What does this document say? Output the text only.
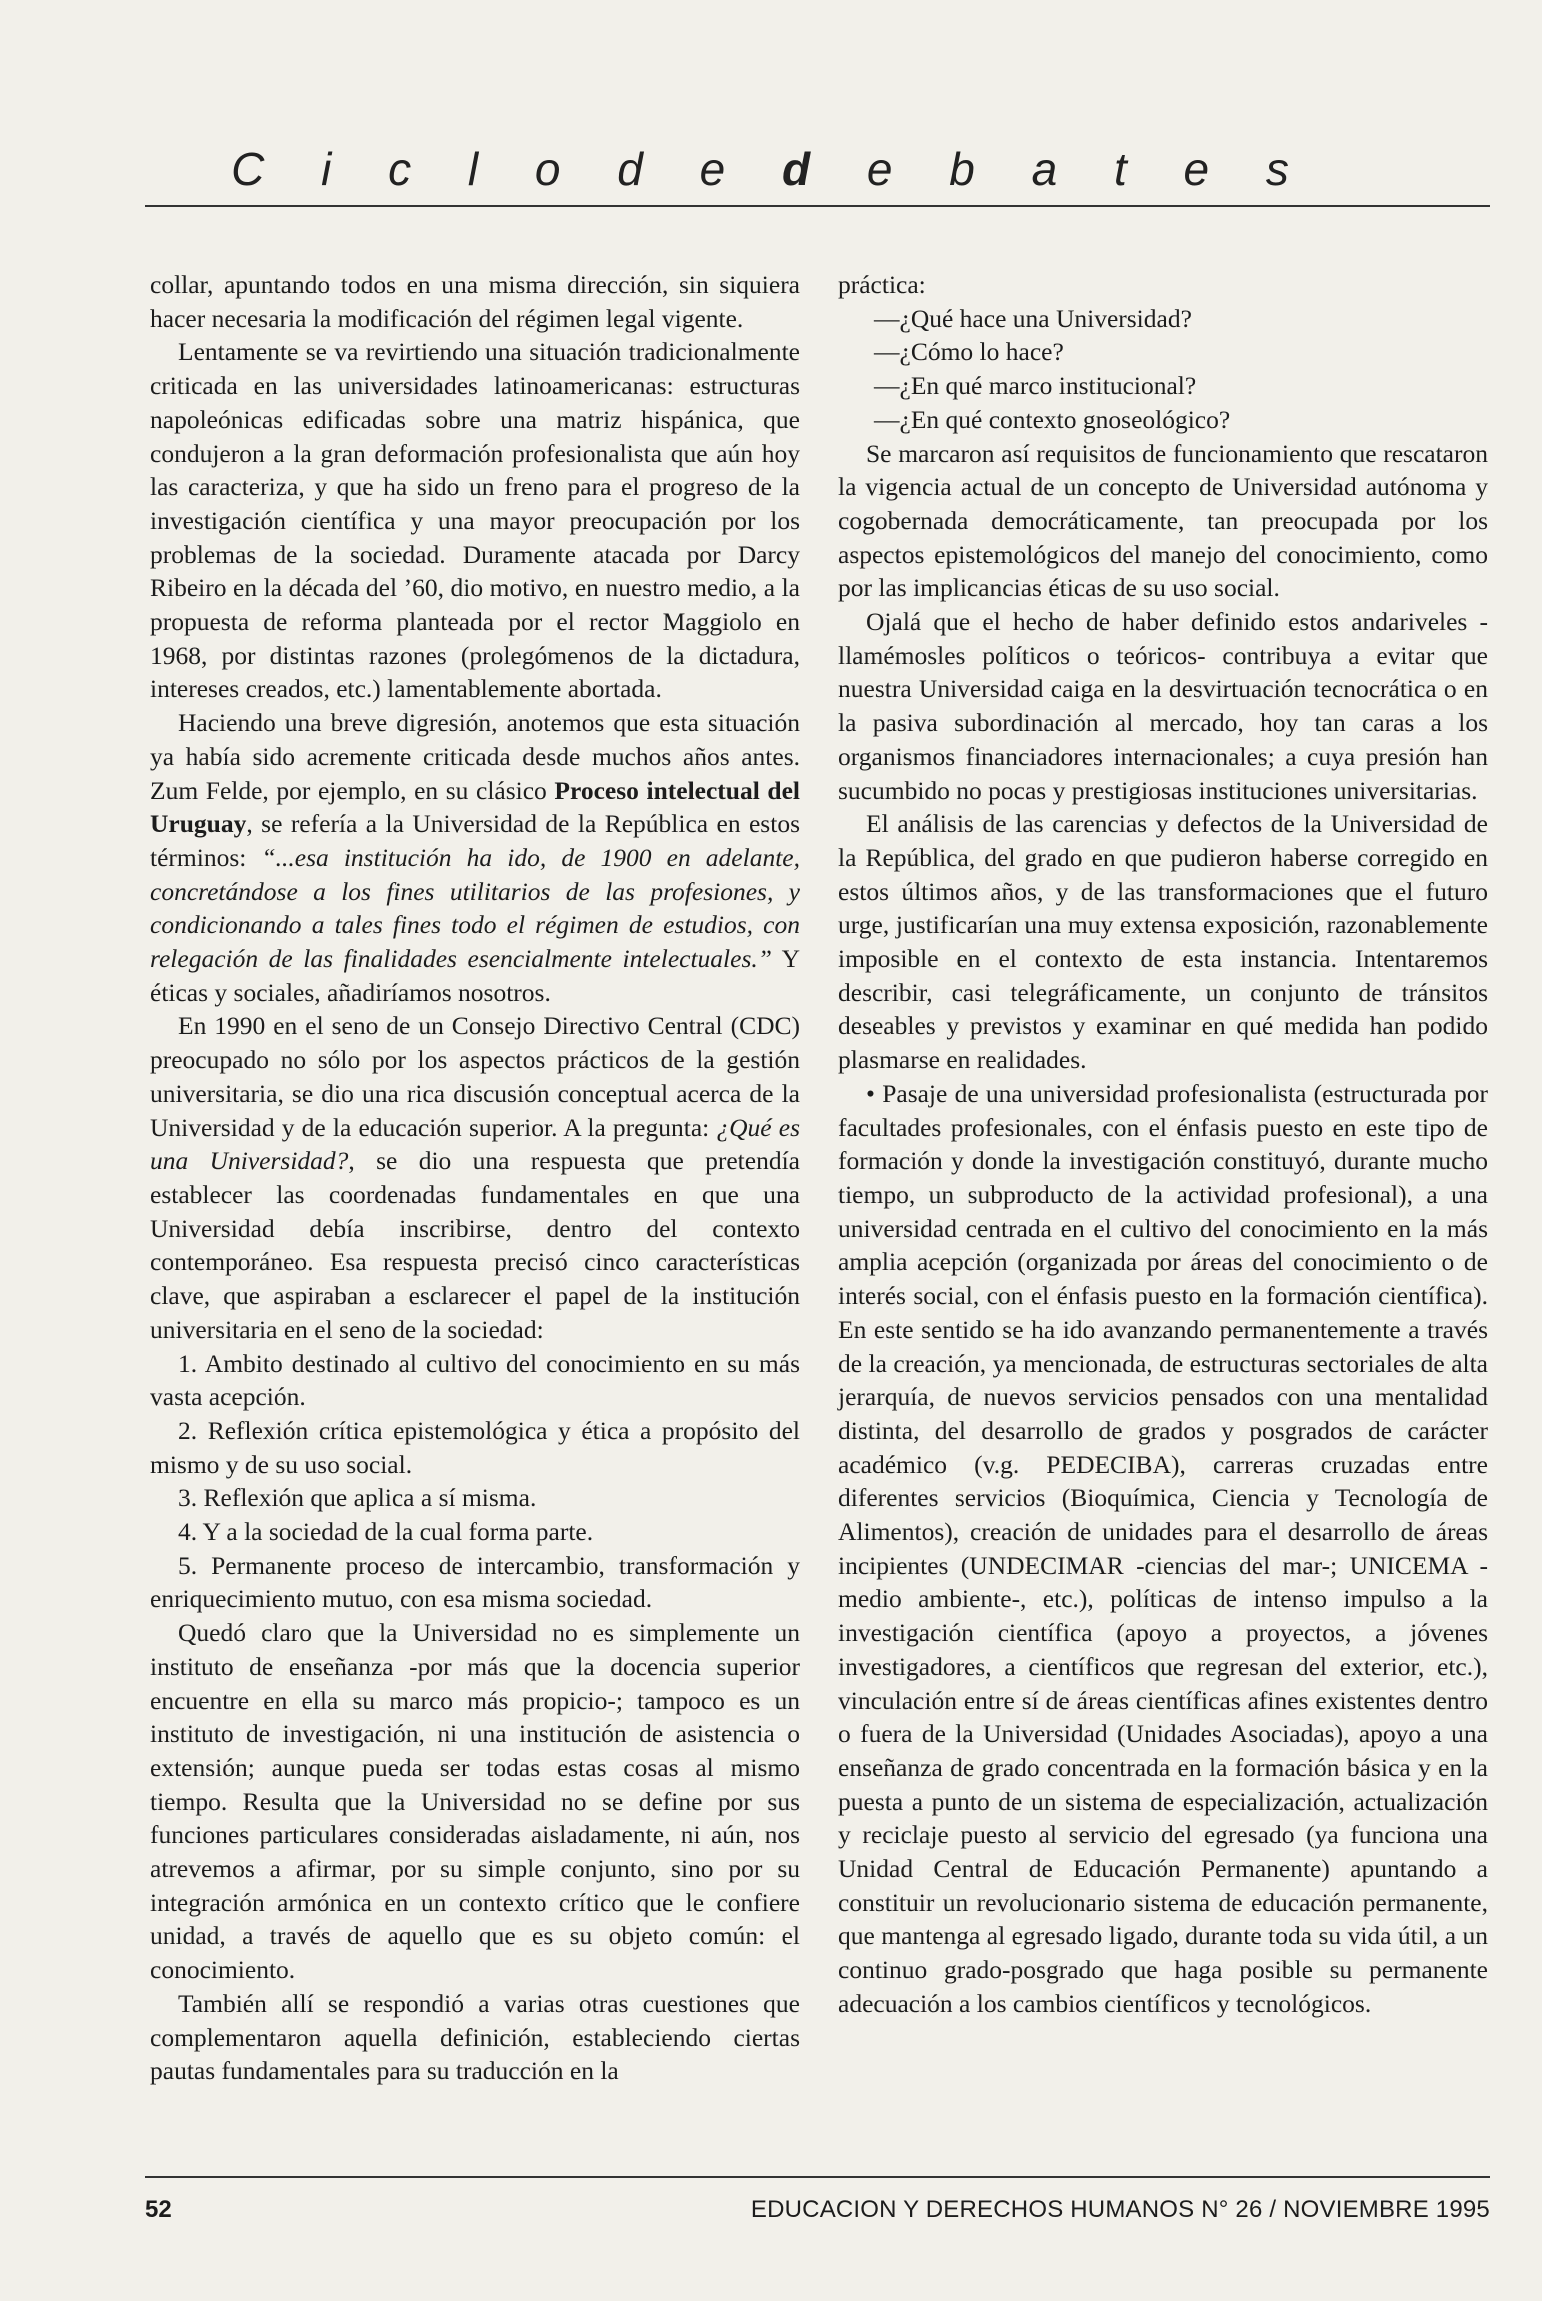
C i c l o d e d e b a t e s

collar, apuntando todos en una misma dirección, sin siquiera hacer necesaria la modificación del régimen legal vigente.

Lentamente se va revirtiendo una situación tradicionalmente criticada en las universidades latinoamericanas: estructuras napoleónicas edificadas sobre una matriz hispánica, que condujeron a la gran deformación profesionalista que aún hoy las caracteriza, y que ha sido un freno para el progreso de la investigación científica y una mayor preocupación por los problemas de la sociedad. Duramente atacada por Darcy Ribeiro en la década del ’60, dio motivo, en nuestro medio, a la propuesta de reforma planteada por el rector Maggiolo en 1968, por distintas razones (prolegómenos de la dictadura, intereses creados, etc.) lamentablemente abortada.

Haciendo una breve digresión, anotemos que esta situación ya había sido acremente criticada desde muchos años antes. Zum Felde, por ejemplo, en su clásico Proceso intelectual del Uruguay, se refería a la Universidad de la República en estos términos: “...esa institución ha ido, de 1900 en adelante, concretándose a los fines utilitarios de las profesiones, y condicionando a tales fines todo el régimen de estudios, con relegación de las finalidades esencialmente intelectuales.” Y éticas y sociales, añadiríamos nosotros.

En 1990 en el seno de un Consejo Directivo Central (CDC) preocupado no sólo por los aspectos prácticos de la gestión universitaria, se dio una rica discusión conceptual acerca de la Universidad y de la educación superior. A la pregunta: ¿Qué es una Universidad?, se dio una respuesta que pretendía establecer las coordenadas fundamentales en que una Universidad debía inscribirse, dentro del contexto contemporáneo. Esa respuesta precisó cinco características clave, que aspiraban a esclarecer el papel de la institución universitaria en el seno de la sociedad:

1. Ambito destinado al cultivo del conocimiento en su más vasta acepción.

2. Reflexión crítica epistemológica y ética a propósito del mismo y de su uso social.

3. Reflexión que aplica a sí misma.

4. Y a la sociedad de la cual forma parte.

5. Permanente proceso de intercambio, transformación y enriquecimiento mutuo, con esa misma sociedad.

Quedó claro que la Universidad no es simplemente un instituto de enseñanza -por más que la docencia superior encuentre en ella su marco más propicio-; tampoco es un instituto de investigación, ni una institución de asistencia o extensión; aunque pueda ser todas estas cosas al mismo tiempo. Resulta que la Universidad no se define por sus funciones particulares consideradas aisladamente, ni aún, nos atrevemos a afirmar, por su simple conjunto, sino por su integración armónica en un contexto crítico que le confiere unidad, a través de aquello que es su objeto común: el conocimiento.

También allí se respondió a varias otras cuestiones que complementaron aquella definición, estableciendo ciertas pautas fundamentales para su traducción en la

práctica:

—¿Qué hace una Universidad?

—¿Cómo lo hace?

—¿En qué marco institucional?

—¿En qué contexto gnoseológico?

Se marcaron así requisitos de funcionamiento que rescataron la vigencia actual de un concepto de Universidad autónoma y cogobernada democráticamente, tan preocupada por los aspectos epistemológicos del manejo del conocimiento, como por las implicancias éticas de su uso social.

Ojalá que el hecho de haber definido estos andariveles -llamémosles políticos o teóricos- contribuya a evitar que nuestra Universidad caiga en la desvirtuación tecnocrática o en la pasiva subordinación al mercado, hoy tan caras a los organismos financiadores internacionales; a cuya presión han sucumbido no pocas y prestigiosas instituciones universitarias.

El análisis de las carencias y defectos de la Universidad de la República, del grado en que pudieron haberse corregido en estos últimos años, y de las transformaciones que el futuro urge, justificarían una muy extensa exposición, razonablemente imposible en el contexto de esta instancia. Intentaremos describir, casi telegráficamente, un conjunto de tránsitos deseables y previstos y examinar en qué medida han podido plasmarse en realidades.

• Pasaje de una universidad profesionalista (estructurada por facultades profesionales, con el énfasis puesto en este tipo de formación y donde la investigación constituyó, durante mucho tiempo, un subproducto de la actividad profesional), a una universidad centrada en el cultivo del conocimiento en la más amplia acepción (organizada por áreas del conocimiento o de interés social, con el énfasis puesto en la formación científica). En este sentido se ha ido avanzando permanentemente a través de la creación, ya mencionada, de estructuras sectoriales de alta jerarquía, de nuevos servicios pensados con una mentalidad distinta, del desarrollo de grados y posgrados de carácter académico (v.g. PEDECIBA), carreras cruzadas entre diferentes servicios (Bioquímica, Ciencia y Tecnología de Alimentos), creación de unidades para el desarrollo de áreas incipientes (UNDECIMAR -ciencias del mar-; UNICEMA -medio ambiente-, etc.), políticas de intenso impulso a la investigación científica (apoyo a proyectos, a jóvenes investigadores, a científicos que regresan del exterior, etc.), vinculación entre sí de áreas científicas afines existentes dentro o fuera de la Universidad (Unidades Asociadas), apoyo a una enseñanza de grado concentrada en la formación básica y en la puesta a punto de un sistema de especialización, actualización y reciclaje puesto al servicio del egresado (ya funciona una Unidad Central de Educación Permanente) apuntando a constituir un revolucionario sistema de educación permanente, que mantenga al egresado ligado, durante toda su vida útil, a un continuo grado-posgrado que haga posible su permanente adecuación a los cambios científicos y tecnológicos.

52	EDUCACION Y DERECHOS HUMANOS N° 26 / NOVIEMBRE 1995
